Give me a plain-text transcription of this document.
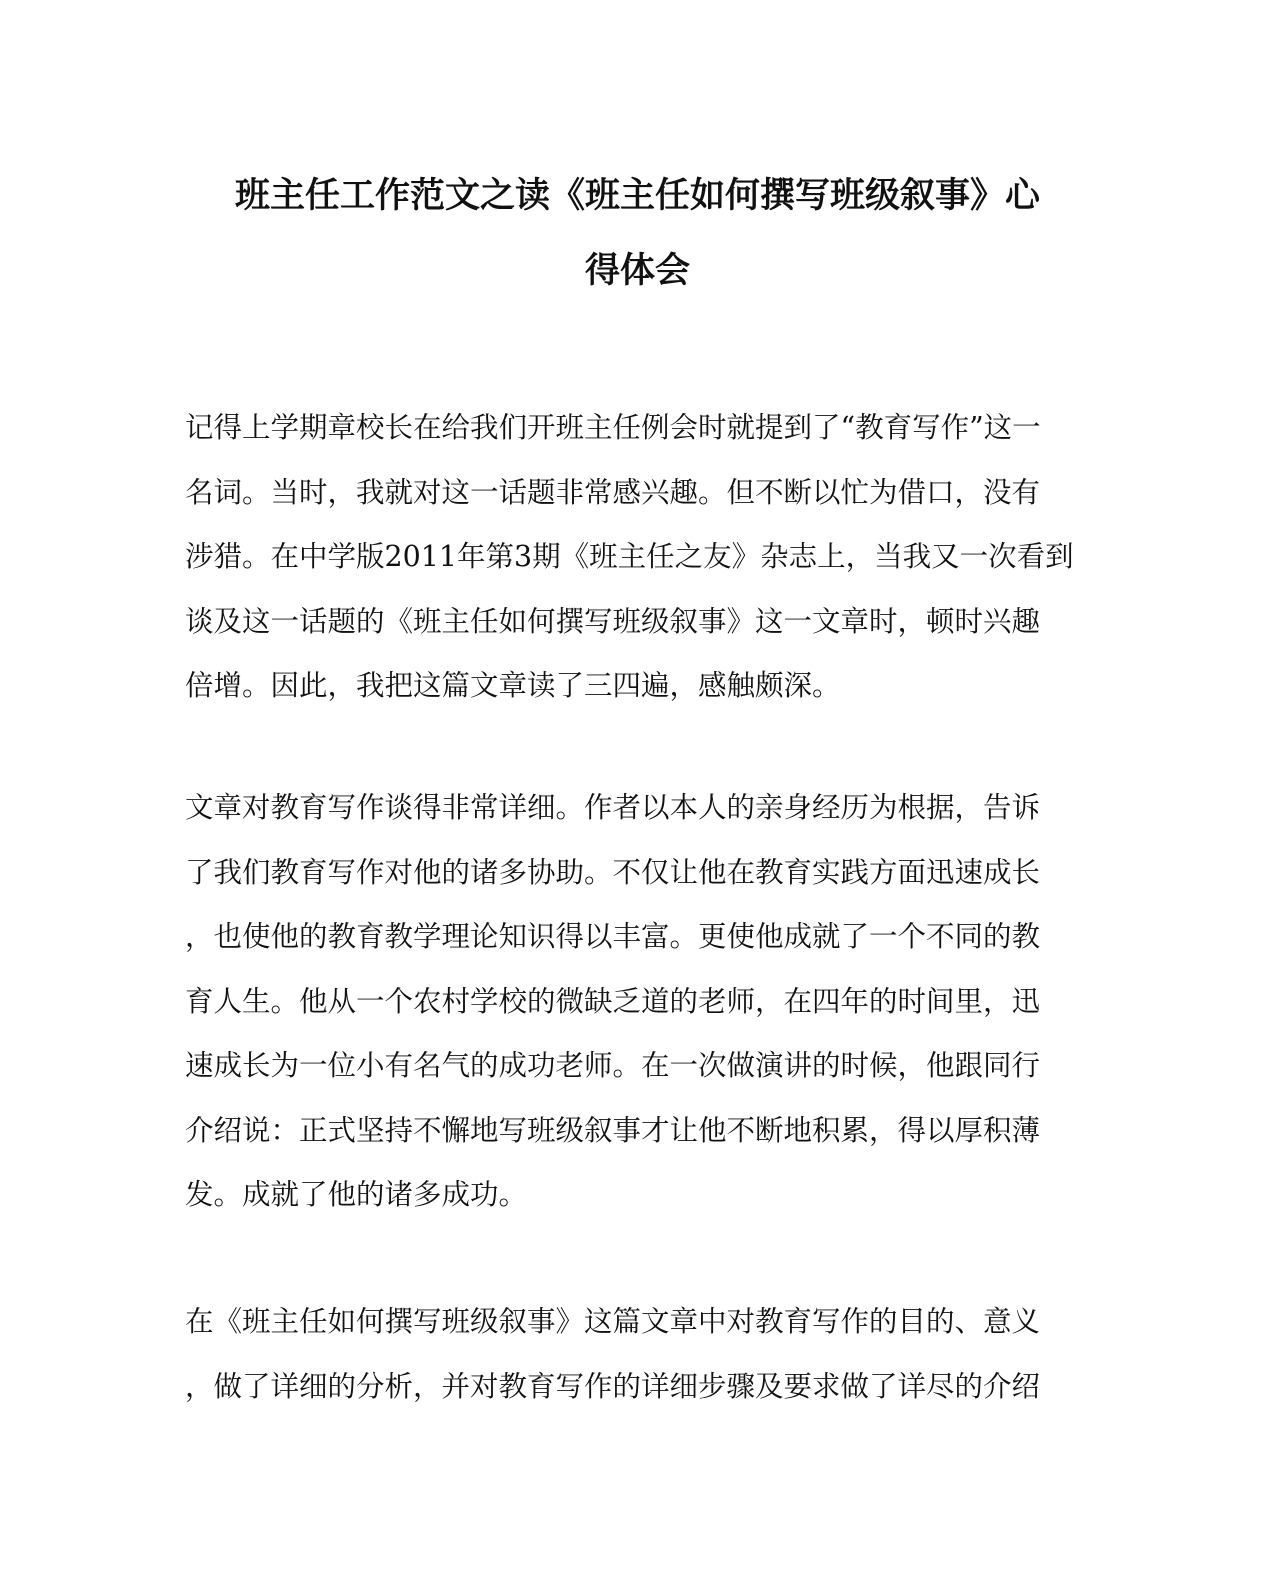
班主任工作范文之读《班主任如何撰写班级叙事》心
得体会
记得上学期章校长在给我们开班主任例会时就提到了“教育写作”这一
名词。当时，我就对这一话题非常感兴趣。但不断以忙为借口，没有
涉猎。在中学版2011年第3期《班主任之友》杂志上，当我又一次看到
谈及这一话题的《班主任如何撰写班级叙事》这一文章时，顿时兴趣
倍增。因此，我把这篇文章读了三四遍，感触颇深。
文章对教育写作谈得非常详细。作者以本人的亲身经历为根据，告诉
了我们教育写作对他的诸多协助。不仅让他在教育实践方面迅速成长
，也使他的教育教学理论知识得以丰富。更使他成就了一个不同的教
育人生。他从一个农村学校的微缺乏道的老师，在四年的时间里，迅
速成长为一位小有名气的成功老师。在一次做演讲的时候，他跟同行
介绍说：正式坚持不懈地写班级叙事才让他不断地积累，得以厚积薄
发。成就了他的诸多成功。
在《班主任如何撰写班级叙事》这篇文章中对教育写作的目的、意义
，做了详细的分析，并对教育写作的详细步骤及要求做了详尽的介绍
